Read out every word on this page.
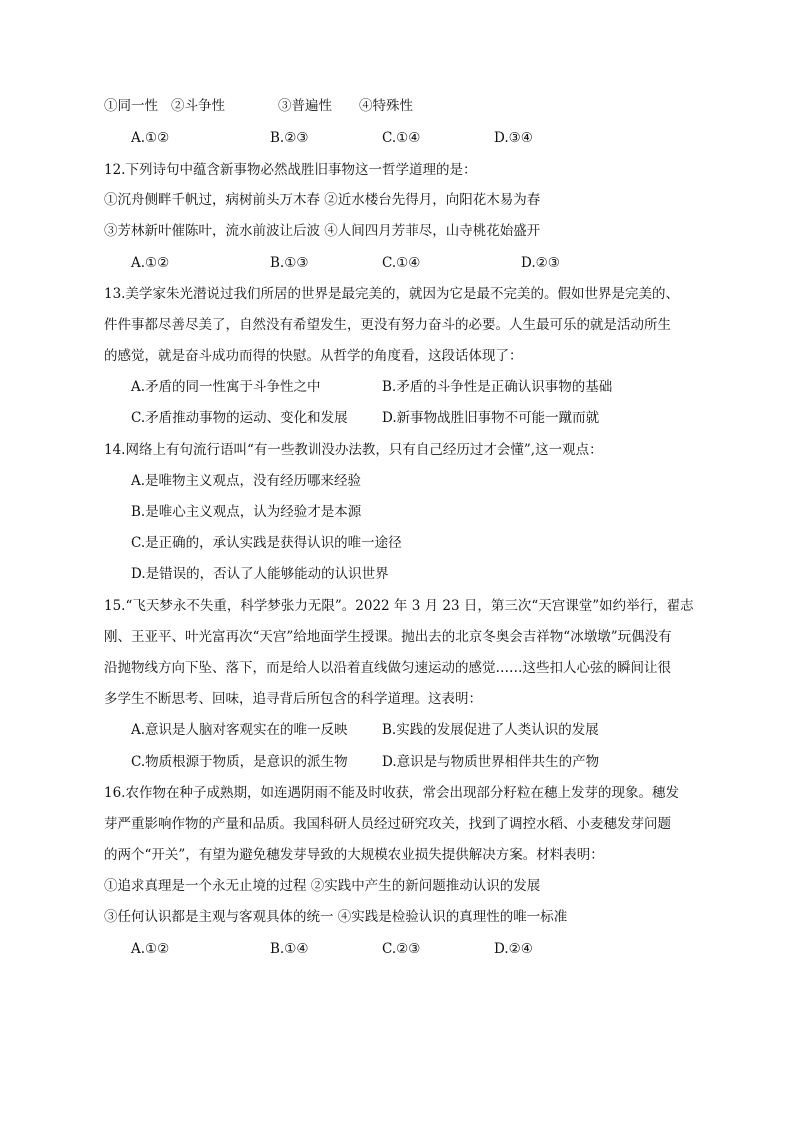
①同一性 ②斗争性	③普遍性 ④特殊性
A.①②	B.②③	C.①④	D.③④
12.下列诗句中蕴含新事物必然战胜旧事物这一哲学道理的是：
①沉舟侧畔千帆过，病树前头万木春 ②近水楼台先得月，向阳花木易为春
③芳林新叶催陈叶，流水前波让后波 ④人间四月芳菲尽，山寺桃花始盛开
A.①②	B.①③	C.①④	D.②③
13.美学家朱光潜说过我们所居的世界是最完美的，就因为它是最不完美的。假如世界是完美的、
件件事都尽善尽美了，自然没有希望发生，更没有努力奋斗的必要。人生最可乐的就是活动所生
的感觉，就是奋斗成功而得的快慰。从哲学的角度看，这段话体现了：
A.矛盾的同一性寓于斗争性之中	B.矛盾的斗争性是正确认识事物的基础
C.矛盾推动事物的运动、变化和发展	D.新事物战胜旧事物不可能一蹴而就
14.网络上有句流行语叫“有一些教训没办法教，只有自己经历过才会懂”,这一观点：
A.是唯物主义观点，没有经历哪来经验
B.是唯心主义观点，认为经验才是本源
C.是正确的，承认实践是获得认识的唯一途径
D.是错误的，否认了人能够能动的认识世界
15.“飞天梦永不失重，科学梦张力无限”。2022 年 3 月 23 日，第三次“天宫课堂”如约举行，翟志
刚、王亚平、叶光富再次“天宫”给地面学生授课。抛出去的北京冬奥会吉祥物“冰墩墩”玩偶没有
沿抛物线方向下坠、落下，而是给人以沿着直线做匀速运动的感觉……这些扣人心弦的瞬间让很
多学生不断思考、回味，追寻背后所包含的科学道理。这表明：
A.意识是人脑对客观实在的唯一反映	B.实践的发展促进了人类认识的发展
C.物质根源于物质，是意识的派生物	D.意识是与物质世界相伴共生的产物
16.农作物在种子成熟期，如连遇阴雨不能及时收获，常会出现部分籽粒在穗上发芽的现象。穗发
芽严重影响作物的产量和品质。我国科研人员经过研究攻关，找到了调控水稻、小麦穗发芽问题
的两个“开关”，有望为避免穗发芽导致的大规模农业损失提供解决方案。材料表明：
①追求真理是一个永无止境的过程 ②实践中产生的新问题推动认识的发展
③任何认识都是主观与客观具体的统一 ④实践是检验认识的真理性的唯一标准
A.①②	B.①④	C.②③	D.②④
